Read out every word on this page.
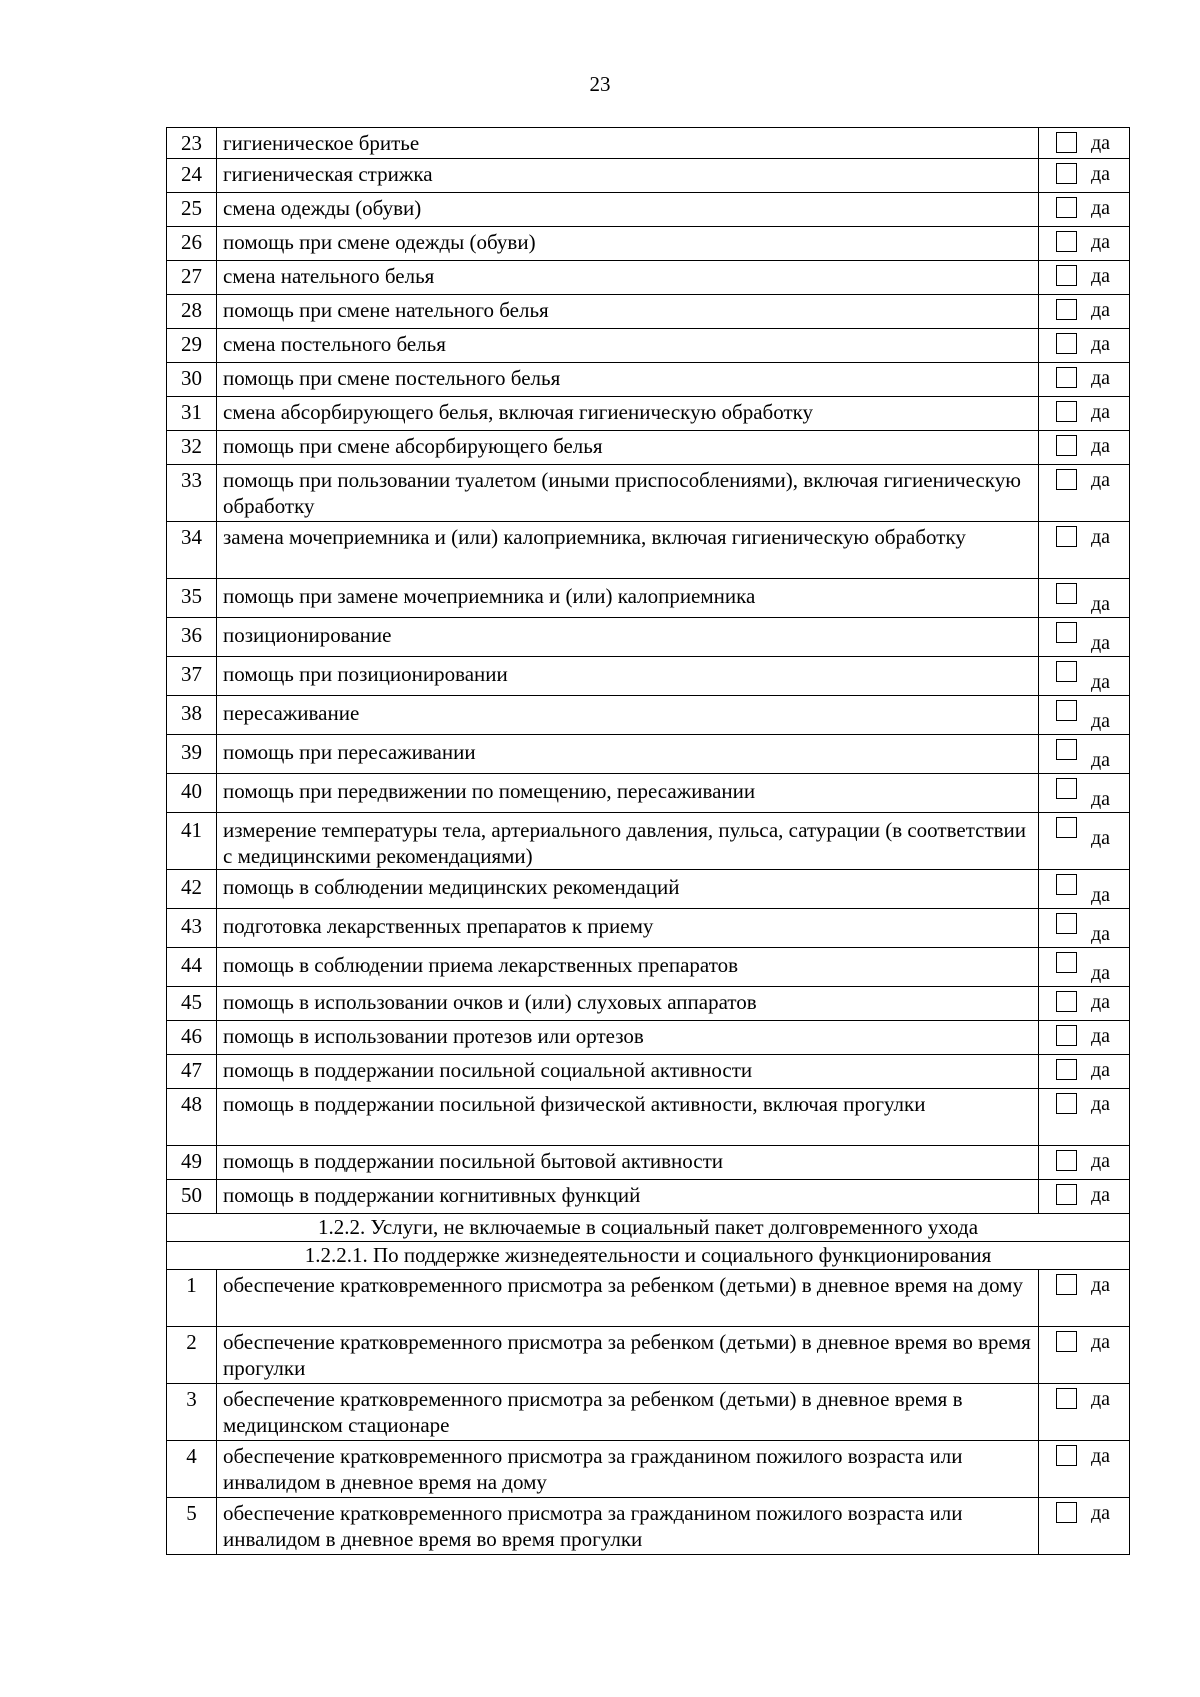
23
23	гигиеническое бритье	да

24	гигиеническая стрижка	да

25	смена одежды (обуви)	да

26	помощь при смене одежды (обуви)	да

27	смена нательного белья	да

28	помощь при смене нательного белья	да

29	смена постельного белья	да

30	помощь при смене постельного белья	да

31	смена абсорбирующего белья, включая гигиеническую обработку	да

32	помощь при смене абсорбирующего белья	да

33	помощь при пользовании туалетом (иными приспособлениями), включая гигиеническую обработку	да

34	замена мочеприемника и (или) калоприемника, включая гигиеническую обработку	да

35	помощь при замене мочеприемника и (или) калоприемника	да

36	позиционирование	да

37	помощь при позиционировании	да

38	пересаживание	да

39	помощь при пересаживании	да

40	помощь при передвижении по помещению, пересаживании	да

41	измерение температуры тела, артериального давления, пульса, сатурации (в соответствии с медицинскими рекомендациями)	да

42	помощь в соблюдении медицинских рекомендаций	да

43	подготовка лекарственных препаратов к приему	да

44	помощь в соблюдении приема лекарственных препаратов	да

45	помощь в использовании очков и (или) слуховых аппаратов	да

46	помощь в использовании протезов или ортезов	да

47	помощь в поддержании посильной социальной активности	да

48	помощь в поддержании посильной физической активности, включая прогулки	да

49	помощь в поддержании посильной бытовой активности	да

50	помощь в поддержании когнитивных функций	да

1.2.2. Услуги, не включаемые в социальный пакет долговременного ухода		
1.2.2.1. По поддержке жизнедеятельности и социального функционирования		
1	обеспечение кратковременного присмотра за ребенком (детьми) в дневное время на дому	да

2	обеспечение кратковременного присмотра за ребенком (детьми) в дневное время во время прогулки	да

3	обеспечение кратковременного присмотра за ребенком (детьми) в дневное время в медицинском стационаре	да

4	обеспечение кратковременного присмотра за гражданином пожилого возраста или инвалидом в дневное время на дому	да

5	обеспечение кратковременного присмотра за гражданином пожилого возраста или инвалидом в дневное время во время прогулки	да
